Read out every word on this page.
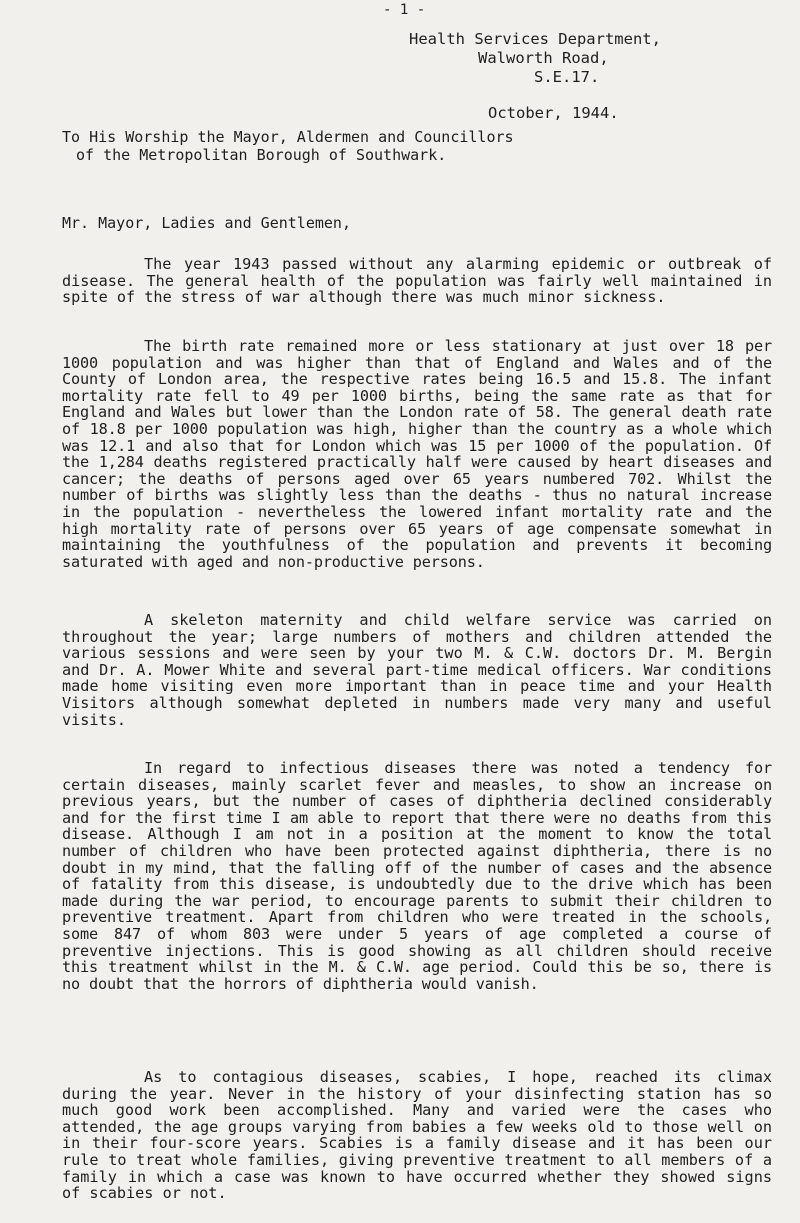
- 1 -
Health Services Department,
Walworth Road,
S.E.17.
October, 1944.
To His Worship the Mayor, Aldermen and Councillors
of the Metropolitan Borough of Southwark.
Mr. Mayor, Ladies and Gentlemen,
The year 1943 passed without any alarming epidemic or outbreak of disease. The general health of the population was fairly well maintained in spite of the stress of war although there was much minor sickness.
The birth rate remained more or less stationary at just over 18 per 1000 population and was higher than that of England and Wales and of the County of London area, the respective rates being 16.5 and 15.8. The infant mortality rate fell to 49 per 1000 births, being the same rate as that for England and Wales but lower than the London rate of 58. The general death rate of 18.8 per 1000 population was high, higher than the country as a whole which was 12.1 and also that for London which was 15 per 1000 of the population. Of the 1,284 deaths registered practically half were caused by heart diseases and cancer; the deaths of persons aged over 65 years numbered 702. Whilst the number of births was slightly less than the deaths - thus no natural increase in the population - nevertheless the lowered infant mortality rate and the high mortality rate of persons over 65 years of age compensate somewhat in maintaining the youthfulness of the population and prevents it becoming saturated with aged and non-productive persons.
A skeleton maternity and child welfare service was carried on throughout the year; large numbers of mothers and children attended the various sessions and were seen by your two M. & C.W. doctors Dr. M. Bergin and Dr. A. Mower White and several part-time medical officers. War conditions made home visiting even more important than in peace time and your Health Visitors although somewhat depleted in numbers made very many and useful visits.
In regard to infectious diseases there was noted a tendency for certain diseases, mainly scarlet fever and measles, to show an increase on previous years, but the number of cases of diphtheria declined considerably and for the first time I am able to report that there were no deaths from this disease. Although I am not in a position at the moment to know the total number of children who have been protected against diphtheria, there is no doubt in my mind, that the falling off of the number of cases and the absence of fatality from this disease, is undoubtedly due to the drive which has been made during the war period, to encourage parents to submit their children to preventive treatment. Apart from children who were treated in the schools, some 847 of whom 803 were under 5 years of age completed a course of preventive injections. This is good showing as all children should receive this treatment whilst in the M. & C.W. age period. Could this be so, there is no doubt that the horrors of diphtheria would vanish.
As to contagious diseases, scabies, I hope, reached its climax during the year. Never in the history of your disinfecting station has so much good work been accomplished. Many and varied were the cases who attended, the age groups varying from babies a few weeks old to those well on in their four-score years. Scabies is a family disease and it has been our rule to treat whole families, giving preventive treatment to all members of a family in which a case was known to have occurred whether they showed signs of scabies or not.
